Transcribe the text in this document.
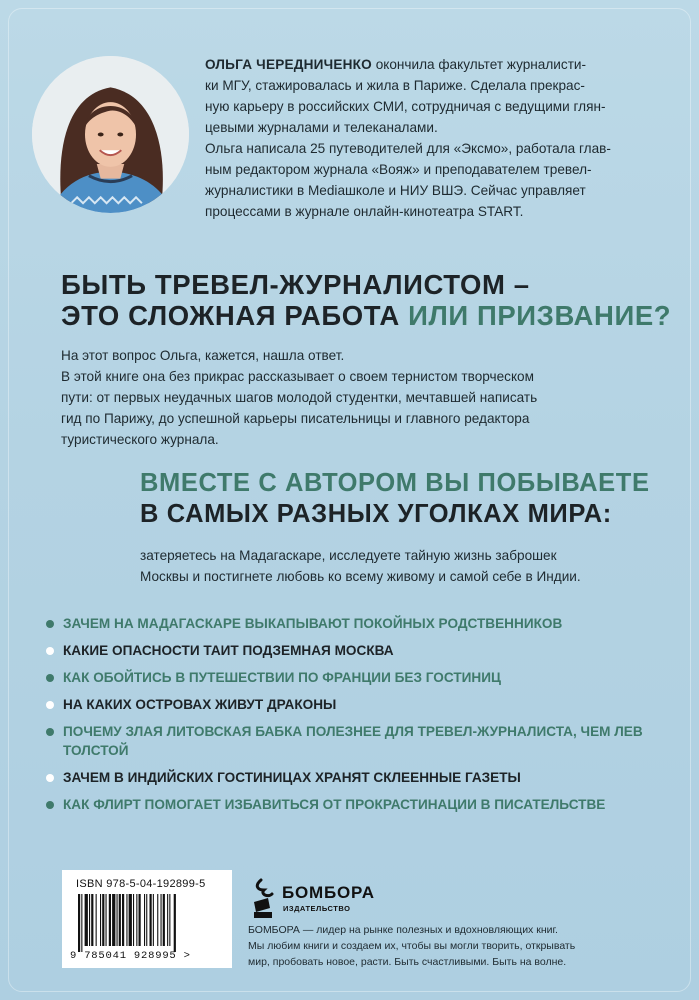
ОЛЬГА ЧЕРЕДНИЧЕНКО окончила факультет журналисти-

ки МГУ, стажировалась и жила в Париже. Сделала прекрас-

ную карьеру в российских СМИ, сотрудничая с ведущими глян-

цевыми журналами и телеканалами.

Ольга написала 25 путеводителей для «Эксмо», работала глав-

ным редактором журнала «Вояж» и преподавателем тревел-

журналистики в Mediaшколе и НИУ ВШЭ. Сейчас управляет

процессами в журнале онлайн-кинотеатра START.

БЫТЬ ТРЕВЕЛ-ЖУРНАЛИСТОМ –
ЭТО СЛОЖНАЯ РАБОТА ИЛИ ПРИЗВАНИЕ?

На этот вопрос Ольга, кажется, нашла ответ.

В этой книге она без прикрас рассказывает о своем тернистом творческом

пути: от первых неудачных шагов молодой студентки, мечтавшей написать

гид по Парижу, до успешной карьеры писательницы и главного редактора

туристического журнала.

ВМЕСТЕ С АВТОРОМ ВЫ ПОБЫВАЕТЕ
В САМЫХ РАЗНЫХ УГОЛКАХ МИРА:

затеряетесь на Мадагаскаре, исследуете тайную жизнь заброшек

Москвы и постигнете любовь ко всему живому и самой себе в Индии.

ЗАЧЕМ НА МАДАГАСКАРЕ ВЫКАПЫВАЮТ ПОКОЙНЫХ РОДСТВЕННИКОВ
КАКИЕ ОПАСНОСТИ ТАИТ ПОДЗЕМНАЯ МОСКВА
КАК ОБОЙТИСЬ В ПУТЕШЕСТВИИ ПО ФРАНЦИИ БЕЗ ГОСТИНИЦ
НА КАКИХ ОСТРОВАХ ЖИВУТ ДРАКОНЫ
ПОЧЕМУ ЗЛАЯ ЛИТОВСКАЯ БАБКА ПОЛЕЗНЕЕ ДЛЯ ТРЕВЕЛ-ЖУРНАЛИСТА, ЧЕМ ЛЕВ ТОЛСТОЙ
ЗАЧЕМ В ИНДИЙСКИХ ГОСТИНИЦАХ ХРАНЯТ СКЛЕЕННЫЕ ГАЗЕТЫ
КАК ФЛИРТ ПОМОГАЕТ ИЗБАВИТЬСЯ ОТ ПРОКРАСТИНАЦИИ В ПИСАТЕЛЬСТВЕ
ISBN 978-5-04-192899-5
9 785041 928995 >
БОМБОРА
ИЗДАТЕЛЬСТВО

БОМБОРА — лидер на рынке полезных и вдохновляющих книг.

Мы любим книги и создаем их, чтобы вы могли творить, открывать

мир, пробовать новое, расти. Быть счастливыми. Быть на волне.
